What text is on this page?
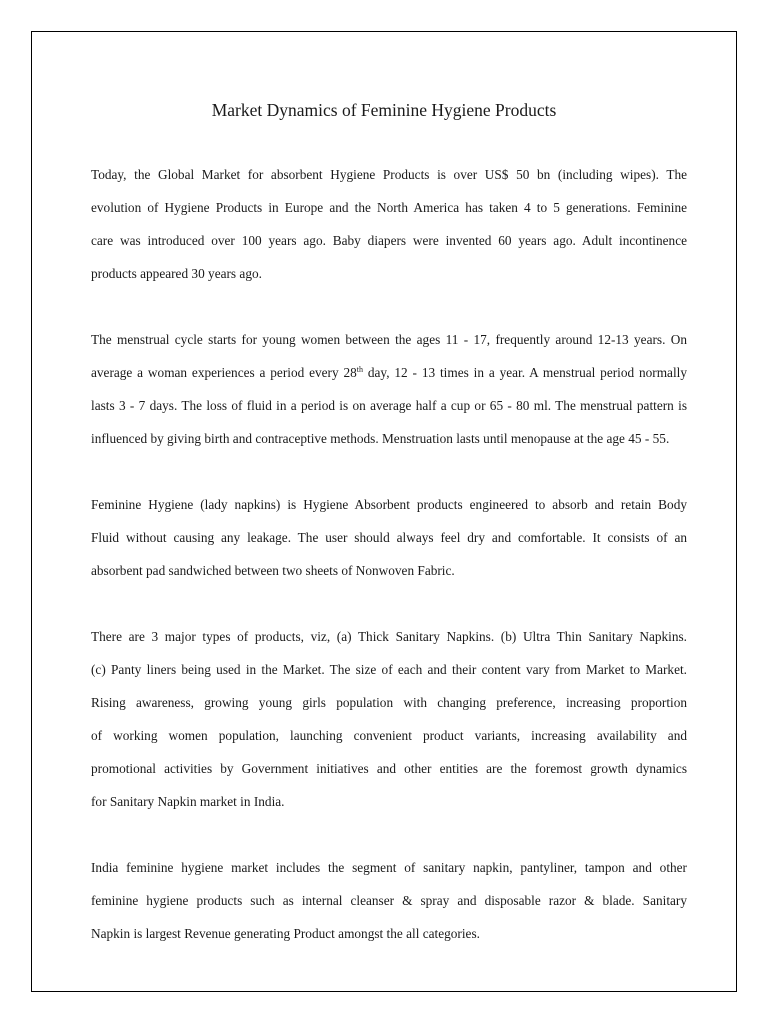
Market Dynamics of Feminine Hygiene Products

Today, the Global Market for absorbent Hygiene Products is over US$ 50 bn (including wipes). The
evolution of Hygiene Products in Europe and the North America has taken 4 to 5 generations. Feminine
care was introduced over 100 years ago. Baby diapers were invented 60 years ago. Adult incontinence
products appeared 30 years ago.

The menstrual cycle starts for young women between the ages 11 - 17, frequently around 12-13 years. On
average a woman experiences a period every 28th day, 12 - 13 times in a year. A menstrual period normally
lasts 3 - 7 days. The loss of fluid in a period is on average half a cup or 65 - 80 ml. The menstrual pattern is
influenced by giving birth and contraceptive methods. Menstruation lasts until menopause at the age 45 - 55.

Feminine Hygiene (lady napkins) is Hygiene Absorbent products engineered to absorb and retain Body
Fluid without causing any leakage. The user should always feel dry and comfortable. It consists of an
absorbent pad sandwiched between two sheets of Nonwoven Fabric.

There are 3 major types of products, viz, (a) Thick Sanitary Napkins. (b) Ultra Thin Sanitary Napkins.
(c) Panty liners being used in the Market. The size of each and their content vary from Market to Market.
Rising awareness, growing young girls population with changing preference, increasing proportion
of working women population, launching convenient product variants, increasing availability and
promotional activities by Government initiatives and other entities are the foremost growth dynamics
for Sanitary Napkin market in India.

India feminine hygiene market includes the segment of sanitary napkin, pantyliner, tampon and other
feminine hygiene products such as internal cleanser & spray and disposable razor & blade. Sanitary
Napkin is largest Revenue generating Product amongst the all categories.
